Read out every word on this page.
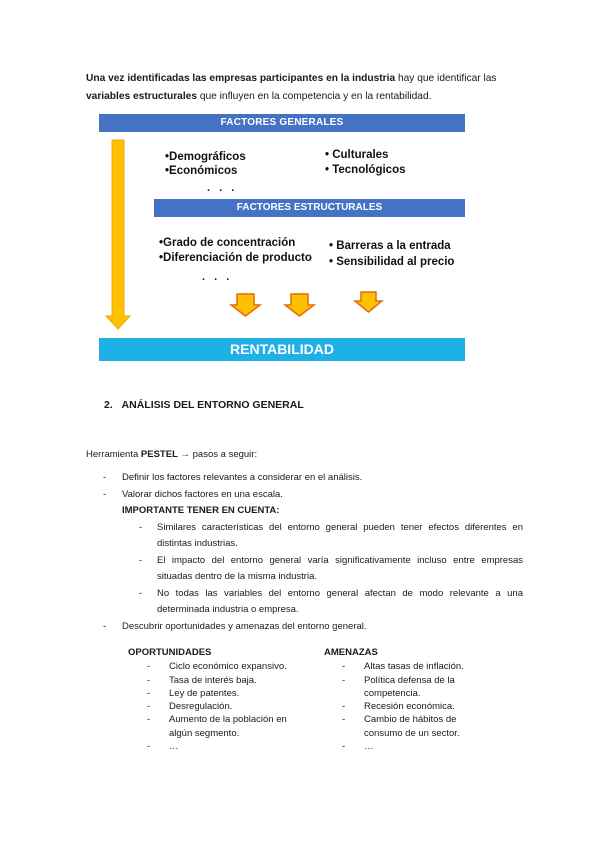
Una vez identificadas las empresas participantes en la industria hay que identificar las variables estructurales que influyen en la competencia y en la rentabilidad.
FACTORES GENERALES
•Demográficos
•Económicos
• Culturales
• Tecnológicos
. . .
FACTORES ESTRUCTURALES
•Grado de concentración
•Diferenciación de producto
• Barreras a la entrada
• Sensibilidad al precio
. . .
RENTABILIDAD
2. ANÁLISIS DEL ENTORNO GENERAL
Herramienta PESTEL → pasos a seguir:
- Definir los factores relevantes a considerar en el análisis.
- Valorar dichos factores en una escala.
IMPORTANTE TENER EN CUENTA:
- Similares características del entorno general pueden tener efectos diferentes en distintas industrias.
- El impacto del entorno general varía significativamente incluso entre empresas situadas dentro de la misma industria.
- No todas las variables del entorno general afectan de modo relevante a una determinada industria o empresa.
- Descubrir oportunidades y amenazas del entorno general.
OPORTUNIDADES
- Ciclo económico expansivo.
- Tasa de interés baja.
- Ley de patentes.
- Desregulación.
- Aumento de la población en algún segmento.
- …
AMENAZAS
- Altas tasas de inflación.
- Política defensa de la competencia.
- Recesión económica.
- Cambio de hábitos de consumo de un sector.
- …
